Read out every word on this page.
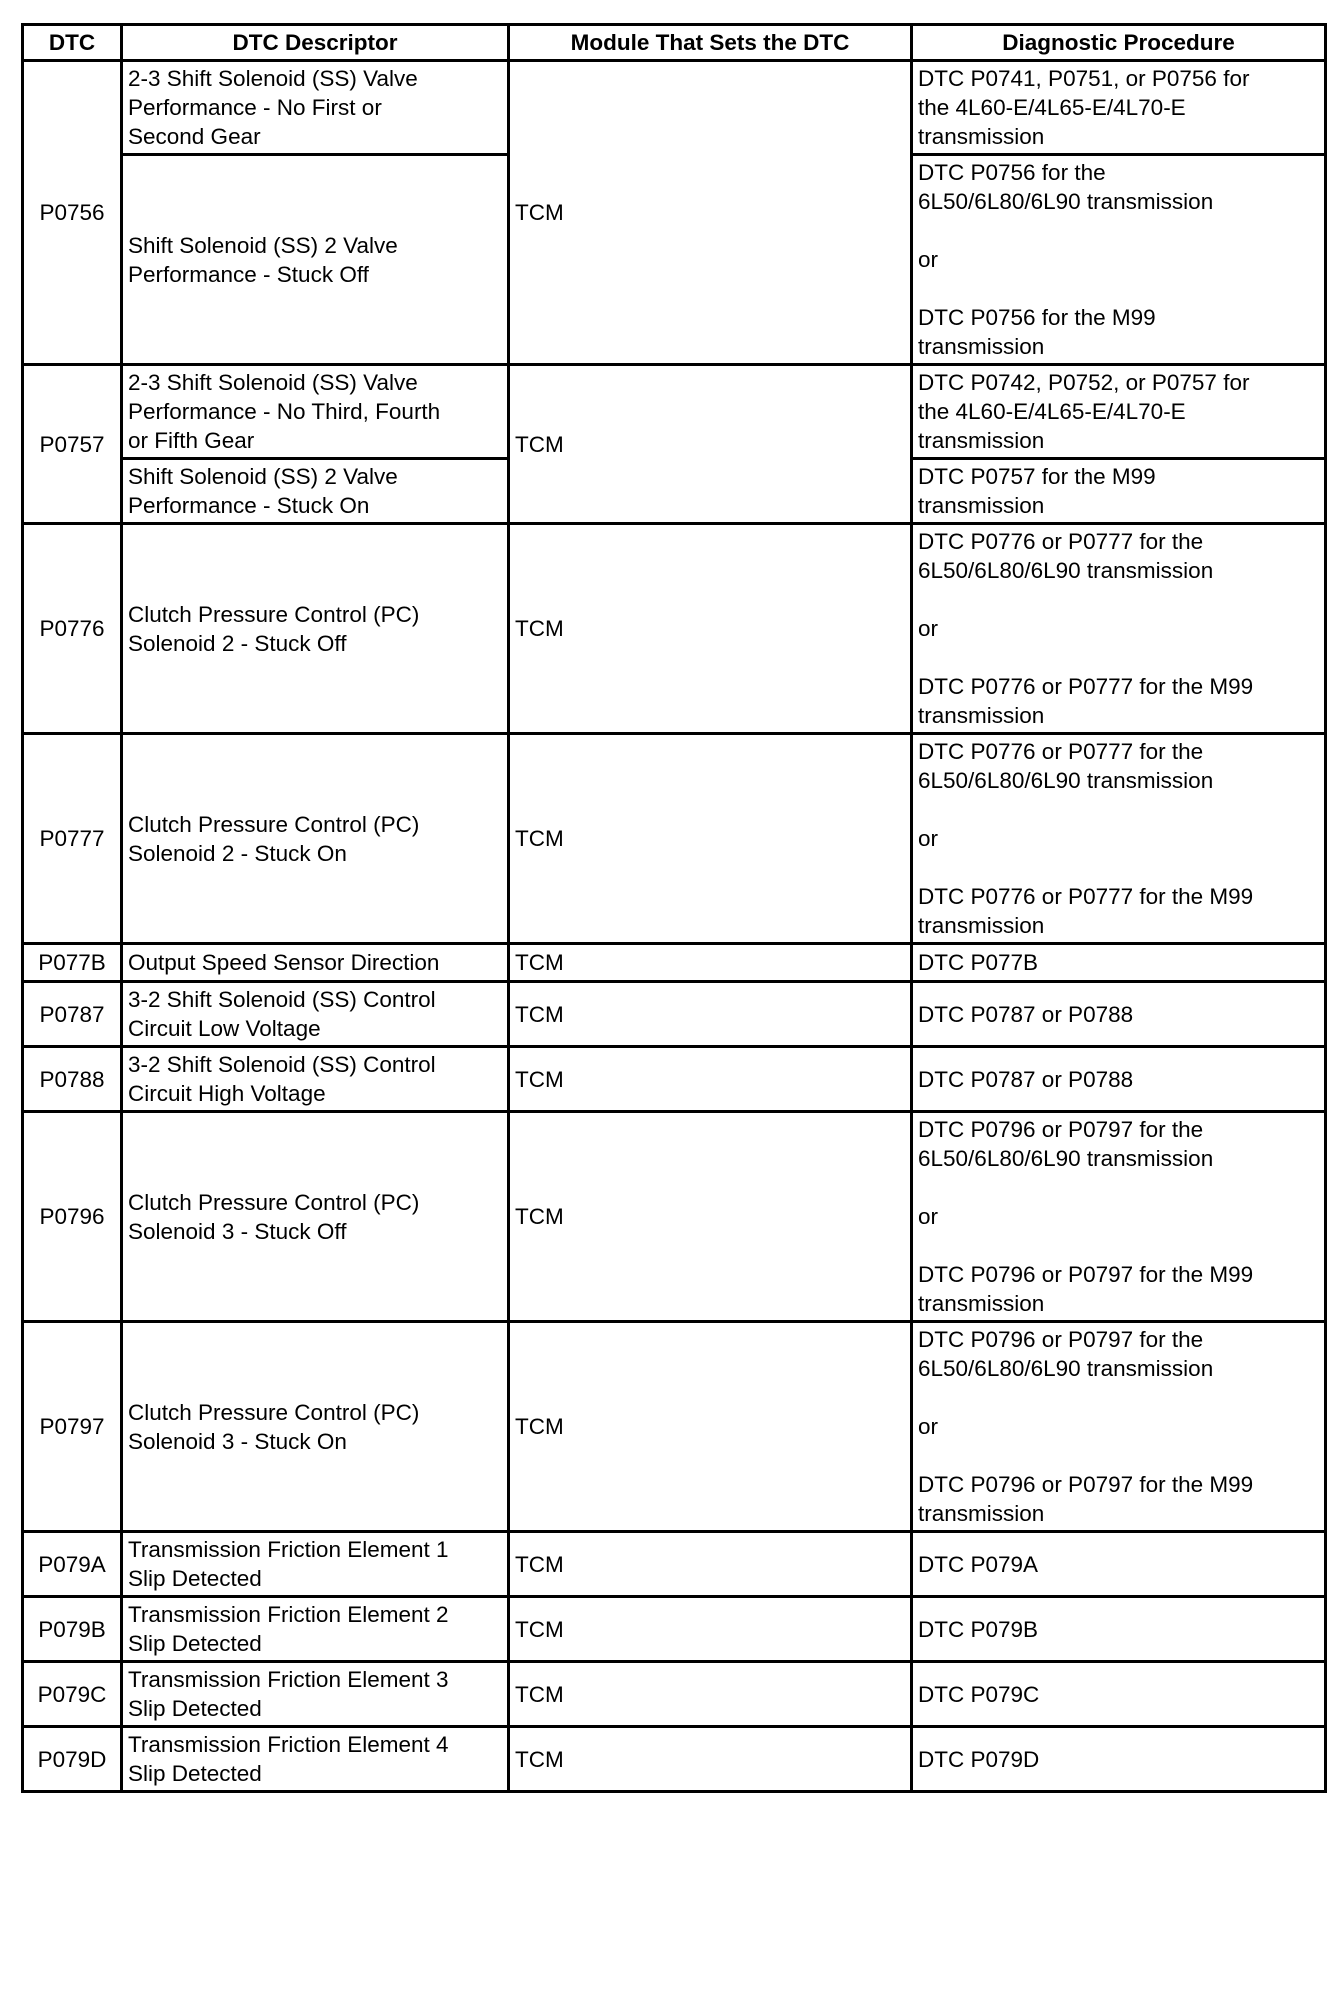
DTC	DTC Descriptor	Module That Sets the DTC	Diagnostic Procedure
P0756	2-3 Shift Solenoid (SS) Valve
Performance - No First or
Second Gear	TCM	DTC P0741, P0751, or P0756 for
the 4L60-E/4L65-E/4L70-E
transmission

	Shift Solenoid (SS) 2 Valve
Performance - Stuck Off		DTC P0756 for the
6L50/6L80/6L90 transmission
or
DTC P0756 for the M99
transmission

P0757	2-3 Shift Solenoid (SS) Valve
Performance - No Third, Fourth
or Fifth Gear	TCM	DTC P0742, P0752, or P0757 for
the 4L60-E/4L65-E/4L70-E
transmission

	Shift Solenoid (SS) 2 Valve
Performance - Stuck On		DTC P0757 for the M99
transmission

P0776	Clutch Pressure Control (PC)
Solenoid 2 - Stuck Off	TCM	DTC P0776 or P0777 for the
6L50/6L80/6L90 transmission
or
DTC P0776 or P0777 for the M99
transmission

P0777	Clutch Pressure Control (PC)
Solenoid 2 - Stuck On	TCM	DTC P0776 or P0777 for the
6L50/6L80/6L90 transmission
or
DTC P0776 or P0777 for the M99
transmission

P077B	Output Speed Sensor Direction	TCM	DTC P077B

P0787	3-2 Shift Solenoid (SS) Control
Circuit Low Voltage	TCM	DTC P0787 or P0788

P0788	3-2 Shift Solenoid (SS) Control
Circuit High Voltage	TCM	DTC P0787 or P0788

P0796	Clutch Pressure Control (PC)
Solenoid 3 - Stuck Off	TCM	DTC P0796 or P0797 for the
6L50/6L80/6L90 transmission
or
DTC P0796 or P0797 for the M99
transmission

P0797	Clutch Pressure Control (PC)
Solenoid 3 - Stuck On	TCM	DTC P0796 or P0797 for the
6L50/6L80/6L90 transmission
or
DTC P0796 or P0797 for the M99
transmission

P079A	Transmission Friction Element 1
Slip Detected	TCM	DTC P079A

P079B	Transmission Friction Element 2
Slip Detected	TCM	DTC P079B

P079C	Transmission Friction Element 3
Slip Detected	TCM	DTC P079C

P079D	Transmission Friction Element 4
Slip Detected	TCM	DTC P079D
